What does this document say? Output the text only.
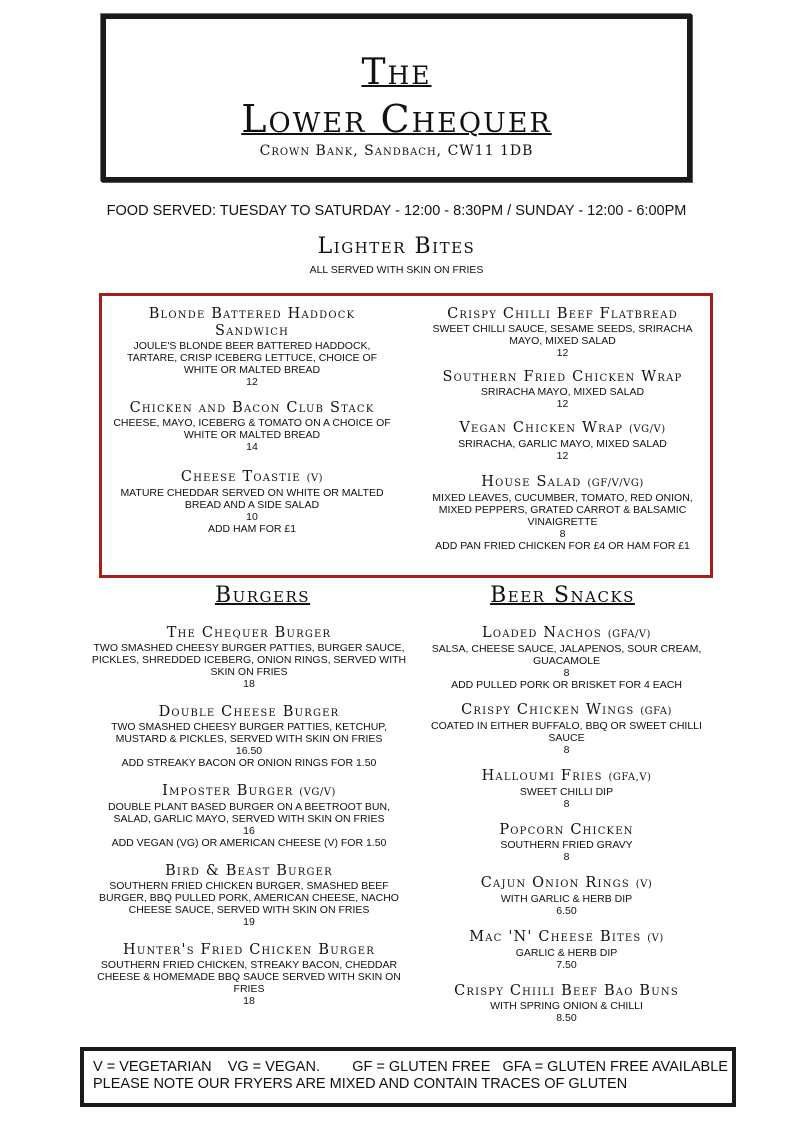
The
Lower Chequer
Crown Bank, Sandbach, CW11 1DB
FOOD SERVED: TUESDAY TO SATURDAY - 12:00 - 8:30PM / SUNDAY - 12:00 - 6:00PM
Lighter Bites
ALL SERVED WITH SKIN ON FRIES
Blonde Battered Haddock Sandwich
JOULE'S BLONDE BEER BATTERED HADDOCK, TARTARE, CRISP ICEBERG LETTUCE, CHOICE OF WHITE OR MALTED BREAD
12
Chicken and Bacon Club Stack
CHEESE, MAYO, ICEBERG & TOMATO ON A CHOICE OF WHITE OR MALTED BREAD
14
Cheese Toastie (V)
MATURE CHEDDAR SERVED ON WHITE OR MALTED BREAD AND A SIDE SALAD
10
ADD HAM FOR £1
Crispy Chilli Beef Flatbread
SWEET CHILLI SAUCE, SESAME SEEDS, SRIRACHA MAYO, MIXED SALAD
12
Southern Fried Chicken Wrap
SRIRACHA MAYO, MIXED SALAD
12
Vegan Chicken Wrap (VG/V)
SRIRACHA, GARLIC MAYO, MIXED SALAD
12
House Salad (GF/V/VG)
MIXED LEAVES, CUCUMBER, TOMATO, RED ONION, MIXED PEPPERS, GRATED CARROT & BALSAMIC VINAIGRETTE
8
ADD PAN FRIED CHICKEN FOR £4 OR HAM FOR £1
Burgers	Beer Snacks
The Chequer Burger
TWO SMASHED CHEESY BURGER PATTIES, BURGER SAUCE, PICKLES, SHREDDED ICEBERG, ONION RINGS, SERVED WITH SKIN ON FRIES
18
Double Cheese Burger
TWO SMASHED CHEESY BURGER PATTIES, KETCHUP, MUSTARD & PICKLES, SERVED WITH SKIN ON FRIES
16.50
ADD STREAKY BACON OR ONION RINGS FOR 1.50
Imposter Burger (VG/V)
DOUBLE PLANT BASED BURGER ON A BEETROOT BUN, SALAD, GARLIC MAYO, SERVED WITH SKIN ON FRIES
16
ADD VEGAN (VG) OR AMERICAN CHEESE (V) FOR 1.50
Bird & Beast Burger
SOUTHERN FRIED CHICKEN BURGER, SMASHED BEEF BURGER, BBQ PULLED PORK, AMERICAN CHEESE, NACHO CHEESE SAUCE, SERVED WITH SKIN ON FRIES
19
Hunter's Fried Chicken Burger
SOUTHERN FRIED CHICKEN, STREAKY BACON, CHEDDAR CHEESE & HOMEMADE BBQ SAUCE SERVED WITH SKIN ON FRIES
18
Loaded Nachos (GFA/V)
SALSA, CHEESE SAUCE, JALAPENOS, SOUR CREAM, GUACAMOLE
8
ADD PULLED PORK OR BRISKET FOR 4 EACH
Crispy Chicken Wings (GFA)
COATED IN EITHER BUFFALO, BBQ OR SWEET CHILLI SAUCE
8
Halloumi Fries (GFA,V)
SWEET CHILLI DIP
8
Popcorn Chicken
SOUTHERN FRIED GRAVY
8
Cajun Onion Rings (V)
WITH GARLIC & HERB DIP
6.50
Mac 'N' Cheese Bites (V)
GARLIC & HERB DIP
7.50
Crispy Chiili Beef Bao Buns
WITH SPRING ONION & CHILLI
8.50
V = VEGETARIAN    VG = VEGAN.        GF = GLUTEN FREE   GFA = GLUTEN FREE AVAILABLE
PLEASE NOTE OUR FRYERS ARE MIXED AND CONTAIN TRACES OF GLUTEN
